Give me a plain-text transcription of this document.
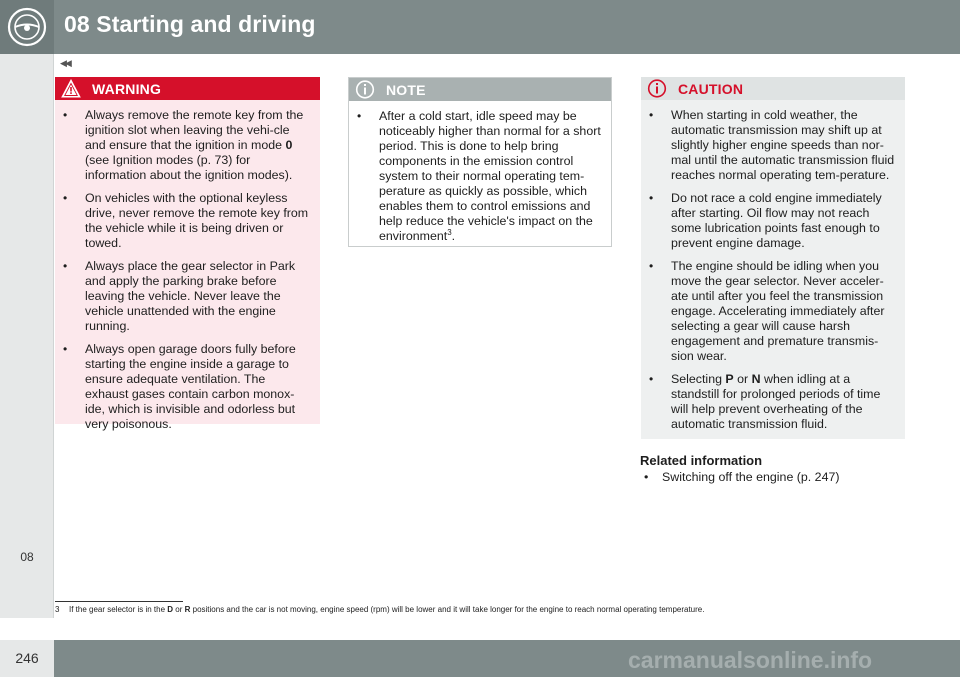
08 Starting and driving
◀◀
08
WARNING
• Always remove the remote key from the ignition slot when leaving the vehi-cle and ensure that the ignition in mode 0 (see Ignition modes (p. 73) for information about the ignition modes).
• On vehicles with the optional keyless drive, never remove the remote key from the vehicle while it is being driven or towed.
• Always place the gear selector in Park and apply the parking brake before leaving the vehicle. Never leave the vehicle unattended with the engine running.
• Always open garage doors fully before starting the engine inside a garage to ensure adequate ventilation. The exhaust gases contain carbon monox-ide, which is invisible and odorless but very poisonous.
NOTE
• After a cold start, idle speed may be noticeably higher than normal for a short period. This is done to help bring components in the emission control system to their normal operating tem-perature as quickly as possible, which enables them to control emissions and help reduce the vehicle's impact on the environment$^3$.
CAUTION
• When starting in cold weather, the automatic transmission may shift up at slightly higher engine speeds than nor-mal until the automatic transmission fluid reaches normal operating tem-perature.
• Do not race a cold engine immediately after starting. Oil flow may not reach some lubrication points fast enough to prevent engine damage.
• The engine should be idling when you move the gear selector. Never acceler-ate until after you feel the transmission engage. Accelerating immediately after selecting a gear will cause harsh engagement and premature transmis-sion wear.
• Selecting P or N when idling at a standstill for prolonged periods of time will help prevent overheating of the automatic transmission fluid.
Related information
• Switching off the engine (p. 247)
3 If the gear selector is in the D or R positions and the car is not moving, engine speed (rpm) will be lower and it will take longer for the engine to reach normal operating temperature.
246	carmanualsonline.info
